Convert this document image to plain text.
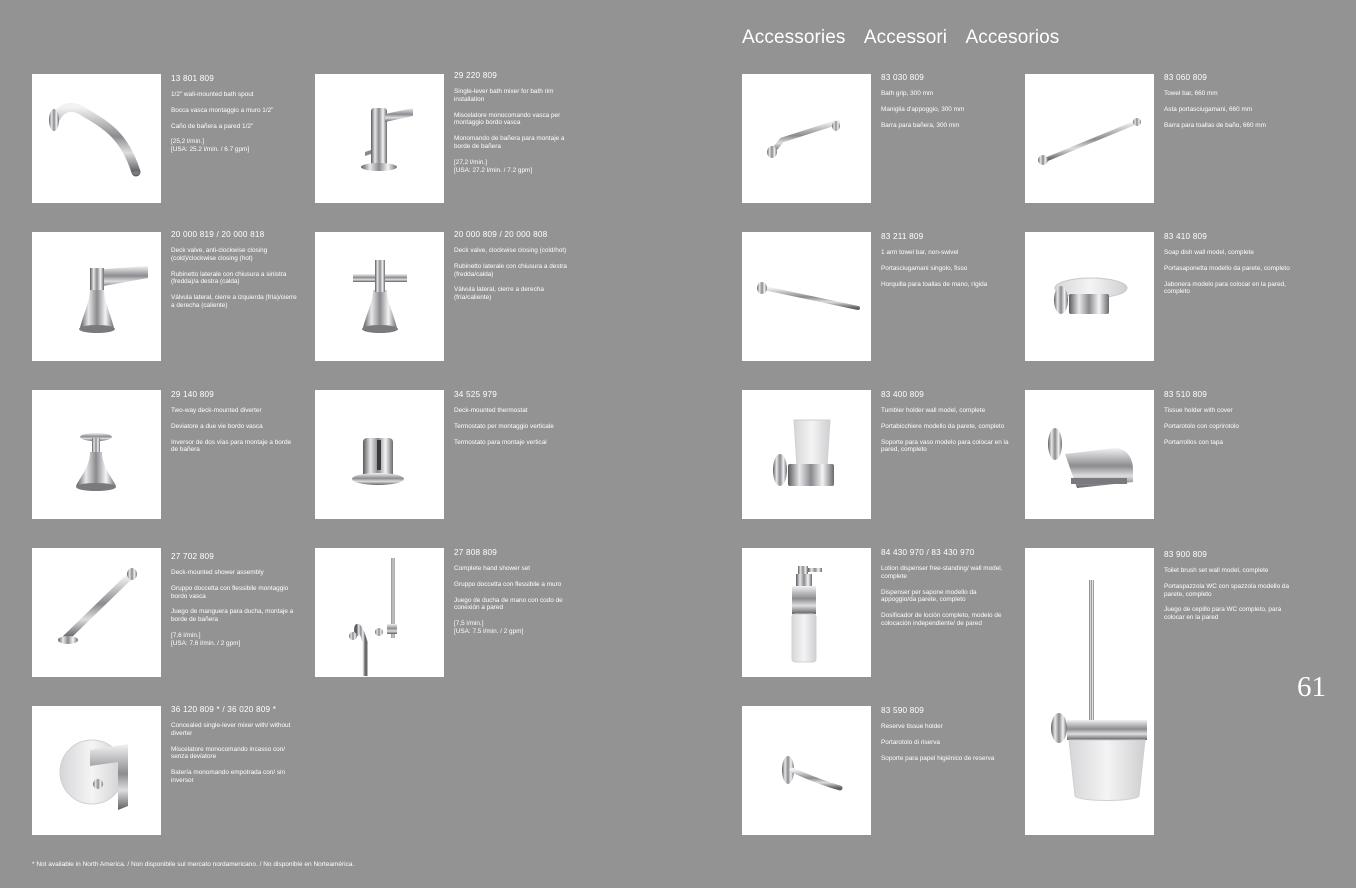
Accessories Accessori Accesorios
61
* Not available in North America. / Non disponibile sul mercato nordamericano. / No disponible en Norteamérica.
13 801 809

1/2" wall-mounted bath spout

Bocca vasca montaggio a muro 1/2"

Caño de bañera a pared 1/2"

[25,2 l/min.]

[USA: 25.2 l/min. / 6.7 gpm]

29 220 809

Single-lever bath mixer for bath rim installation

Miscelatore monocomando vasca per montaggio bordo vasca

Monomando de bañera para montaje a borde de bañera

[27,2 l/min.]

[USA: 27.2 l/min. / 7.2 gpm]

20 000 819 / 20 000 818

Deck valve, anti-clockwise closing (cold)/clockwise closing (hot)

Rubinetto laterale con chiusura a sinistra (fredda)/a destra (calda)

Válvula lateral, cierre a izquierda (fría)/cierre a derecha (caliente)

20 000 809 / 20 000 808

Deck valve, clockwise closing (cold/hot)

Rubinetto laterale con chiusura a destra (fredda/calda)

Válvula lateral, cierre a derecha (fría/caliente)

29 140 809

Two-way deck-mounted diverter

Deviatore a due vie bordo vasca

Inversor de dos vías para montaje a borde de bañera

34 525 979

Deck-mounted thermostat

Termostato per montaggio verticale

Termostato para montaje vertical

27 702 809

Deck-mounted shower assembly

Gruppo doccetta con flessibile montaggio bordo vasca

Juego de manguera para ducha, montaje a borde de bañera

[7,6 l/min.]

[USA: 7.6 l/min. / 2 gpm]

27 808 809

Complete hand shower set

Gruppo doccetta con flessibile a muro

Juego de ducha de mano con codo de conexión a pared

[7,5 l/min.]

[USA: 7.5 l/min. / 2 gpm]

36 120 809 * / 36 020 809 *

Concealed single-lever mixer with/ without diverter

Miscelatore monocomando incasso con/ senza deviatore

Batería monomando empotrada con/ sin inversor

83 030 809

Bath grip, 300 mm

Maniglia d'appoggio, 300 mm

Barra para bañera, 300 mm

83 060 809

Towel bar, 660 mm

Asta portasciugamani, 660 mm

Barra para toallas de baño, 660 mm

83 211 809

1 arm towel bar, non-swivel

Portasciugamani singolo, fisso

Horquilla para toallas de mano, rígida

83 410 809

Soap dish wall model, complete

Portasaponetta modello da parete, completo

Jabonera modelo para colocar en la pared, completo

83 400 809

Tumbler holder wall model, complete

Portabicchiere modello da parete, completo

Soporte para vaso modelo para colocar en la pared, completo

83 510 809

Tissue holder with cover

Portarotolo con coprirotolo

Portarrollos con tapa

84 430 970 / 83 430 970

Lotion dispenser free-standing/ wall model, complete

Dispenser per sapone modello da appoggio/da parete, completo

Dosificador de loción completo, modelo de colocación independiente/ de pared

83 900 809

Toilet brush set wall model, complete

Portaspazzola WC con spazzola modello da parete, completo

Juego de cepillo para WC completo, para colocar en la pared

83 590 809

Reserve tissue holder

Portarotolo di riserva

Soporte para papel higiénico de reserva
